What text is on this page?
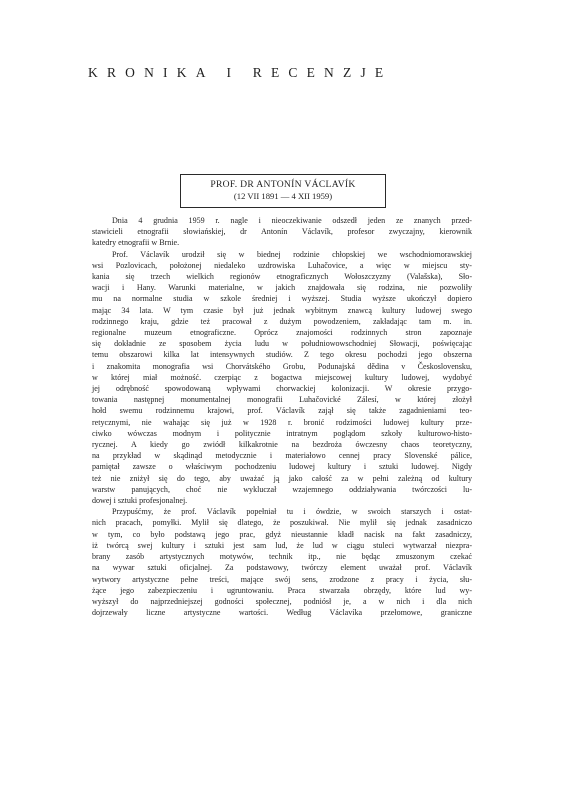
KRONIKA I RECENZJE
PROF. DR ANTONÍN VÁCLAVÍK
(12 VII 1891 — 4 XII 1959)
Dnia 4 grudnia 1959 r. nagle i nieoczekiwanie odszedł jeden ze znanych przed-
stawicieli etnografii słowiańskiej, dr Antonín Václavík, profesor zwyczajny, kierownik
katedry etnografii w Brnie.
Prof. Václavík urodził się w biednej rodzinie chłopskiej we wschodniomorawskiej
wsi Pozlovicach, położonej niedaleko uzdrowiska Luhačovice, a więc w miejscu sty-
kania się trzech wielkich regionów etnograficznych Wołoszczyzny (Valašska), Sło-
wacji i Hany. Warunki materialne, w jakich znajdowała się rodzina, nie pozwoliły
mu na normalne studia w szkole średniej i wyższej. Studia wyższe ukończył dopiero
mając 34 lata. W tym czasie był już jednak wybitnym znawcą kultury ludowej swego
rodzinnego kraju, gdzie też pracował z dużym powodzeniem, zakładając tam m. in.
regionalne muzeum etnograficzne. Oprócz znajomości rodzinnych stron zapoznaje
się dokładnie ze sposobem życia ludu w południowowschodniej Słowacji, poświęcając
temu obszarowi kilka lat intensywnych studiów. Z tego okresu pochodzi jego obszerna
i znakomita monografia wsi Chorvátského Grobu, Podunajská dědina v Československu,
w której miał możność. czerpiąc z bogactwa miejscowej kultury ludowej, wydobyć
jej odrębność spowodowaną wpływami chorwackiej kolonizacji. W okresie przygo-
towania następnej monumentalnej monografii Luhačovické Zálesí, w której złożył
hołd swemu rodzinnemu krajowi, prof. Václavík zajął się także zagadnieniami teo-
retycznymi, nie wahając się już w 1928 r. bronić rodzimości ludowej kultury prze-
ciwko wówczas modnym i politycznie intratnym poglądom szkoły kulturowo-histo-
rycznej. A kiedy go zwiódł kilkakrotnie na bezdroża ówczesny chaos teoretyczny,
na przykład w skądinąd metodycznie i materiałowo cennej pracy Slovenské pálice,
pamiętał zawsze o właściwym pochodzeniu ludowej kultury i sztuki ludowej. Nigdy
też nie zniżył się do tego, aby uważać ją jako całość za w pełni zależną od kultury
warstw panujących, choć nie wykluczał wzajemnego oddziaływania twórczości lu-
dowej i sztuki profesjonalnej.
Przypuśćmy, że prof. Václavík popełniał tu i ówdzie, w swoich starszych i ostat-
nich pracach, pomyłki. Mylił się dlatego, że poszukiwał. Nie mylił się jednak zasadniczo
w tym, co było podstawą jego prac, gdyż nieustannie kładł nacisk na fakt zasadniczy,
iż twórcą swej kultury i sztuki jest sam lud, że lud w ciągu stuleci wytwarzał niezpra-
brany zasób artystycznych motywów, technik itp., nie będąc zmuszonym czekać
na wywar sztuki oficjalnej. Za podstawowy, twórczy element uważał prof. Václavík
wytwory artystyczne pełne treści, mające swój sens, zrodzone z pracy i życia, słu-
żące jego zabezpieczeniu i ugruntowaniu. Praca stwarzała obrzędy, które lud wy-
wyższył do najprzedniejszej godności społecznej, podniósł je, a w nich i dla nich
dojrzewały liczne artystyczne wartości. Według Václavíka przełomowe, graniczne
